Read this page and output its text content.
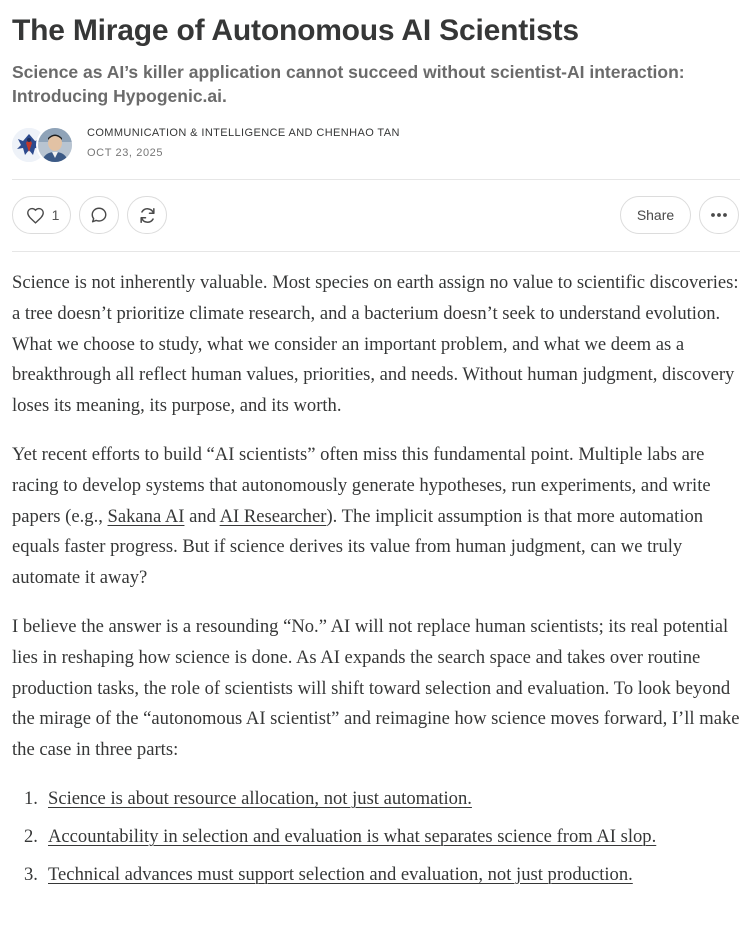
The Mirage of Autonomous AI Scientists
Science as AI’s killer application cannot succeed without scientist-AI interaction: Introducing Hypogenic.ai.
COMMUNICATION & INTELLIGENCE AND CHENHAO TAN
OCT 23, 2025
1	Share

Science is not inherently valuable. Most species on earth assign no value to scientific discoveries: a tree doesn’t prioritize climate research, and a bacterium doesn’t seek to understand evolution. What we choose to study, what we consider an important problem, and what we deem as a breakthrough all reflect human values, priorities, and needs. Without human judgment, discovery loses its meaning, its purpose, and its worth.

Yet recent efforts to build “AI scientists” often miss this fundamental point. Multiple labs are racing to develop systems that autonomously generate hypotheses, run experiments, and write papers (e.g., Sakana AI and AI Researcher). The implicit assumption is that more automation equals faster progress. But if science derives its value from human judgment, can we truly automate it away?

I believe the answer is a resounding “No.” AI will not replace human scientists; its real potential lies in reshaping how science is done. As AI expands the search space and takes over routine production tasks, the role of scientists will shift toward selection and evaluation. To look beyond the mirage of the “autonomous AI scientist” and reimagine how science moves forward, I’ll make the case in three parts:

1. Science is about resource allocation, not just automation.
2. Accountability in selection and evaluation is what separates science from AI slop.
3. Technical advances must support selection and evaluation, not just production.
